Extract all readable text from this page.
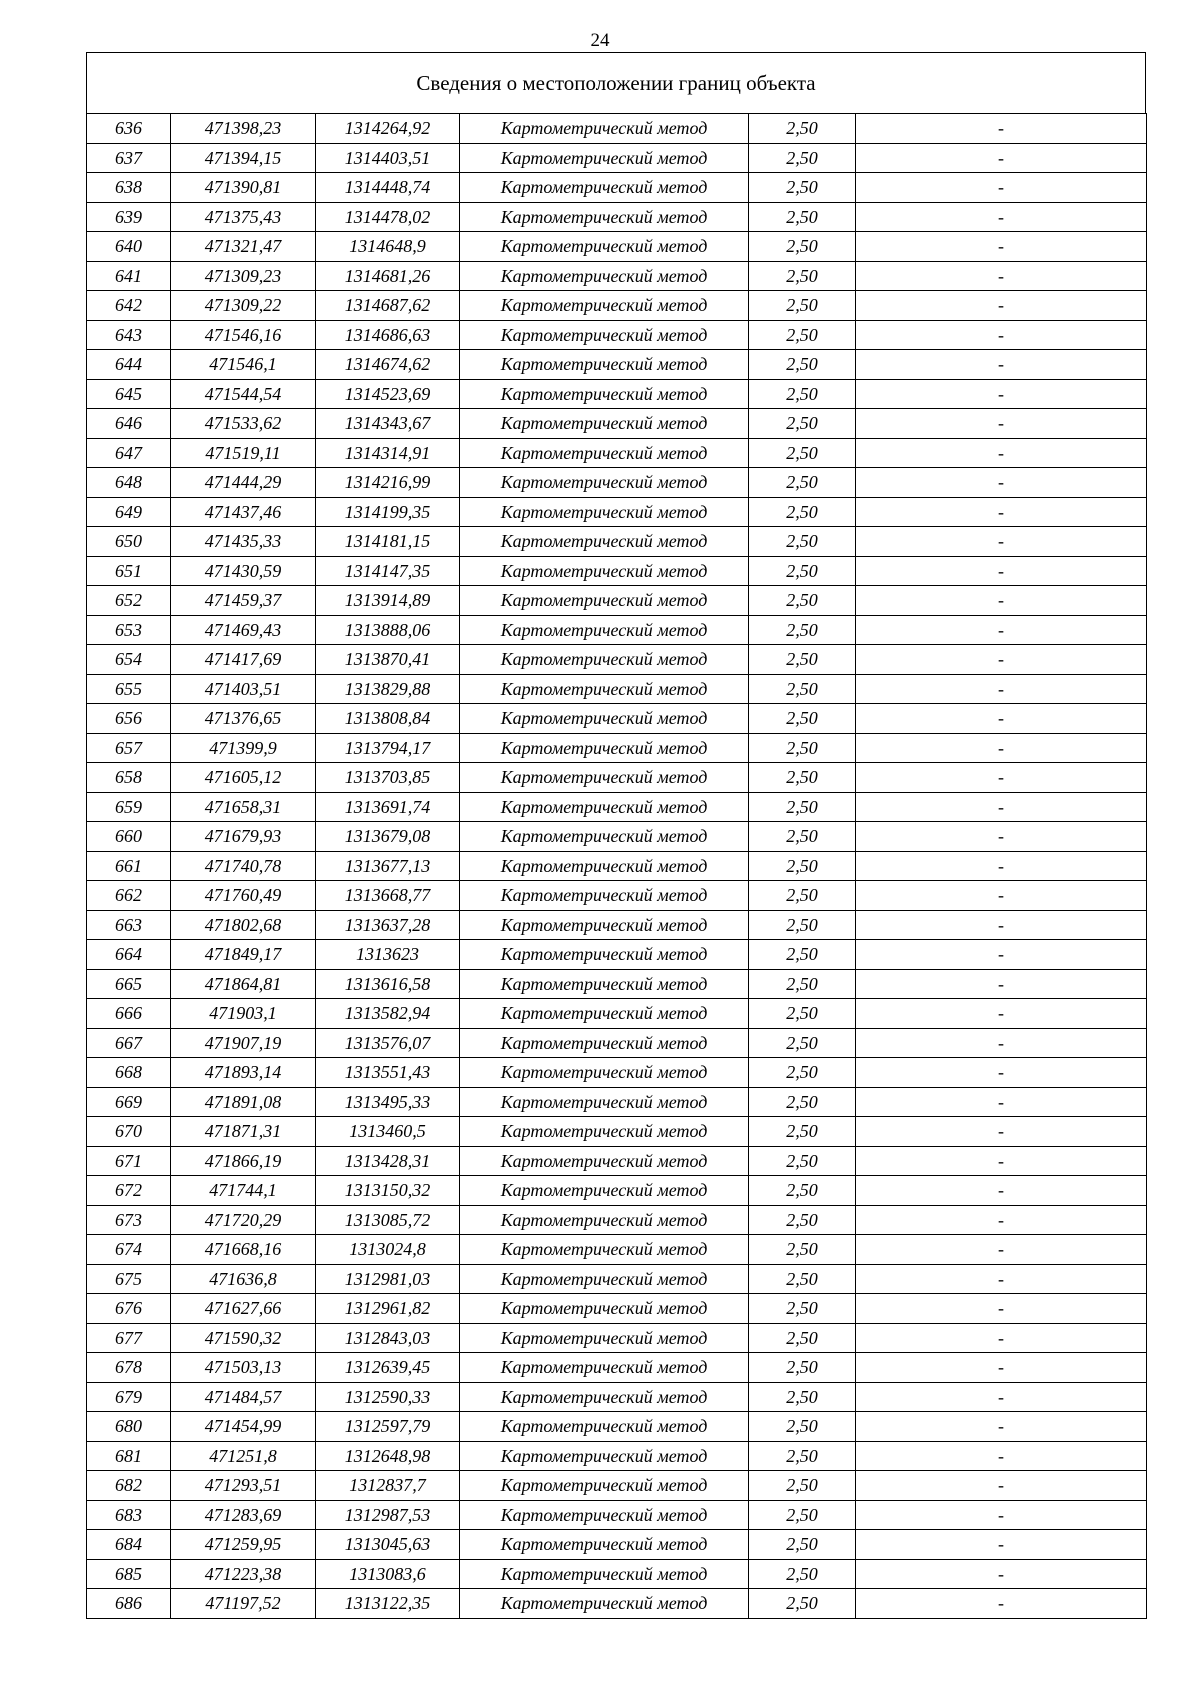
24
Сведения о местоположении границ объекта
636	471398,23	1314264,92	Картометрический метод	2,50	-
637	471394,15	1314403,51	Картометрический метод	2,50	-
638	471390,81	1314448,74	Картометрический метод	2,50	-
639	471375,43	1314478,02	Картометрический метод	2,50	-
640	471321,47	1314648,9	Картометрический метод	2,50	-
641	471309,23	1314681,26	Картометрический метод	2,50	-
642	471309,22	1314687,62	Картометрический метод	2,50	-
643	471546,16	1314686,63	Картометрический метод	2,50	-
644	471546,1	1314674,62	Картометрический метод	2,50	-
645	471544,54	1314523,69	Картометрический метод	2,50	-
646	471533,62	1314343,67	Картометрический метод	2,50	-
647	471519,11	1314314,91	Картометрический метод	2,50	-
648	471444,29	1314216,99	Картометрический метод	2,50	-
649	471437,46	1314199,35	Картометрический метод	2,50	-
650	471435,33	1314181,15	Картометрический метод	2,50	-
651	471430,59	1314147,35	Картометрический метод	2,50	-
652	471459,37	1313914,89	Картометрический метод	2,50	-
653	471469,43	1313888,06	Картометрический метод	2,50	-
654	471417,69	1313870,41	Картометрический метод	2,50	-
655	471403,51	1313829,88	Картометрический метод	2,50	-
656	471376,65	1313808,84	Картометрический метод	2,50	-
657	471399,9	1313794,17	Картометрический метод	2,50	-
658	471605,12	1313703,85	Картометрический метод	2,50	-
659	471658,31	1313691,74	Картометрический метод	2,50	-
660	471679,93	1313679,08	Картометрический метод	2,50	-
661	471740,78	1313677,13	Картометрический метод	2,50	-
662	471760,49	1313668,77	Картометрический метод	2,50	-
663	471802,68	1313637,28	Картометрический метод	2,50	-
664	471849,17	1313623	Картометрический метод	2,50	-
665	471864,81	1313616,58	Картометрический метод	2,50	-
666	471903,1	1313582,94	Картометрический метод	2,50	-
667	471907,19	1313576,07	Картометрический метод	2,50	-
668	471893,14	1313551,43	Картометрический метод	2,50	-
669	471891,08	1313495,33	Картометрический метод	2,50	-
670	471871,31	1313460,5	Картометрический метод	2,50	-
671	471866,19	1313428,31	Картометрический метод	2,50	-
672	471744,1	1313150,32	Картометрический метод	2,50	-
673	471720,29	1313085,72	Картометрический метод	2,50	-
674	471668,16	1313024,8	Картометрический метод	2,50	-
675	471636,8	1312981,03	Картометрический метод	2,50	-
676	471627,66	1312961,82	Картометрический метод	2,50	-
677	471590,32	1312843,03	Картометрический метод	2,50	-
678	471503,13	1312639,45	Картометрический метод	2,50	-
679	471484,57	1312590,33	Картометрический метод	2,50	-
680	471454,99	1312597,79	Картометрический метод	2,50	-
681	471251,8	1312648,98	Картометрический метод	2,50	-
682	471293,51	1312837,7	Картометрический метод	2,50	-
683	471283,69	1312987,53	Картометрический метод	2,50	-
684	471259,95	1313045,63	Картометрический метод	2,50	-
685	471223,38	1313083,6	Картометрический метод	2,50	-
686	471197,52	1313122,35	Картометрический метод	2,50	-
